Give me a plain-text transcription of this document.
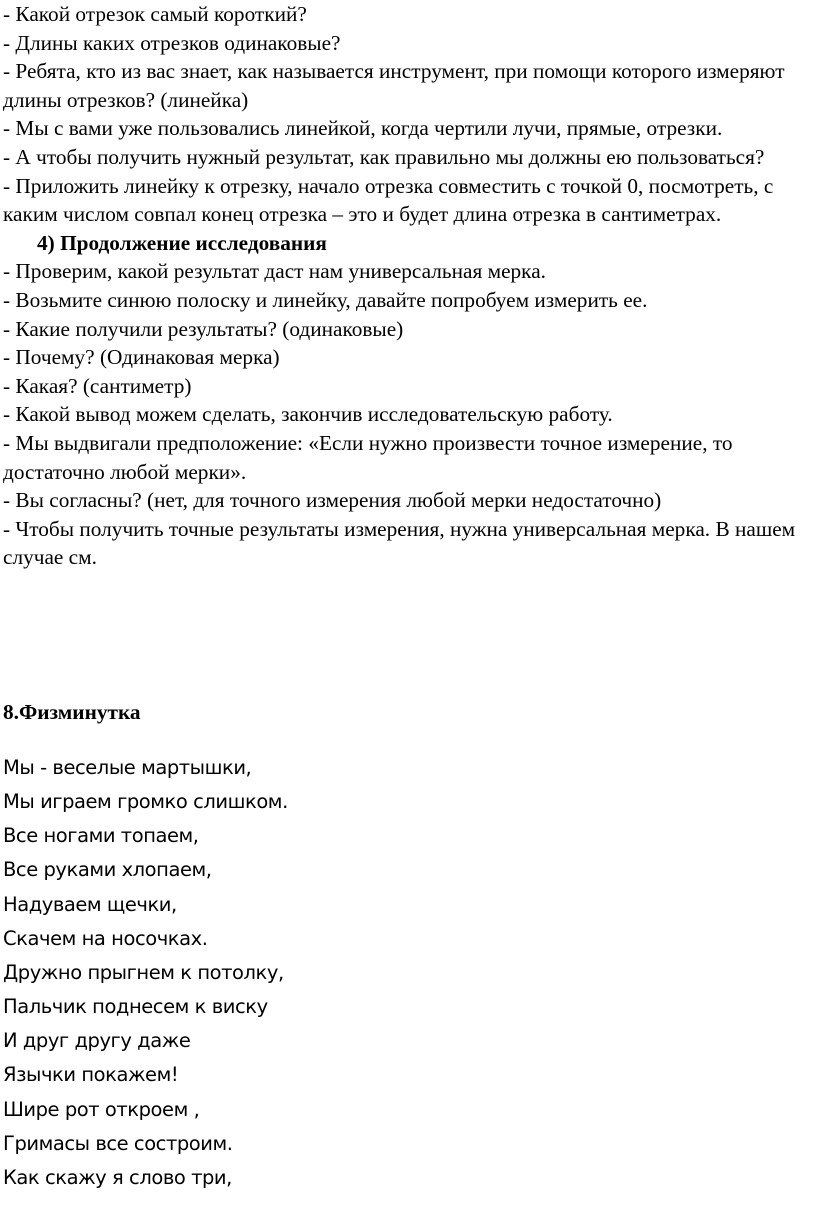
- Какой отрезок самый короткий?

- Длины каких отрезков одинаковые?

- Ребята, кто из вас знает, как называется инструмент, при помощи которого измеряют длины отрезков? (линейка)

- Мы с вами уже пользовались линейкой, когда чертили лучи, прямые, отрезки.

- А чтобы получить нужный результат, как правильно мы должны ею пользоваться?

- Приложить линейку к отрезку, начало отрезка совместить с точкой 0, посмотреть, с каким числом совпал конец отрезка – это и будет длина отрезка в сантиметрах.

4) Продолжение исследования

- Проверим, какой результат даст нам универсальная мерка.

- Возьмите синюю полоску и линейку, давайте попробуем измерить ее.

- Какие получили результаты? (одинаковые)

- Почему? (Одинаковая мерка)

- Какая? (сантиметр)

- Какой вывод можем сделать, закончив исследовательскую работу.

- Мы выдвигали предположение: «Если нужно произвести точное измерение, то достаточно любой мерки».

- Вы согласны? (нет, для точного измерения любой мерки недостаточно)

- Чтобы получить точные результаты измерения, нужна универсальная мерка. В нашем случае см.

8.Физминутка

Мы - веселые мартышки,
Мы играем громко слишком.
Все ногами топаем,
Все руками хлопаем,
Надуваем щечки,
Скачем на носочках.
Дружно прыгнем к потолку,
Пальчик поднесем к виску
И друг другу даже
Язычки покажем!
Шире рот откроем ,
Гримасы все состроим.
Как скажу я слово три,
